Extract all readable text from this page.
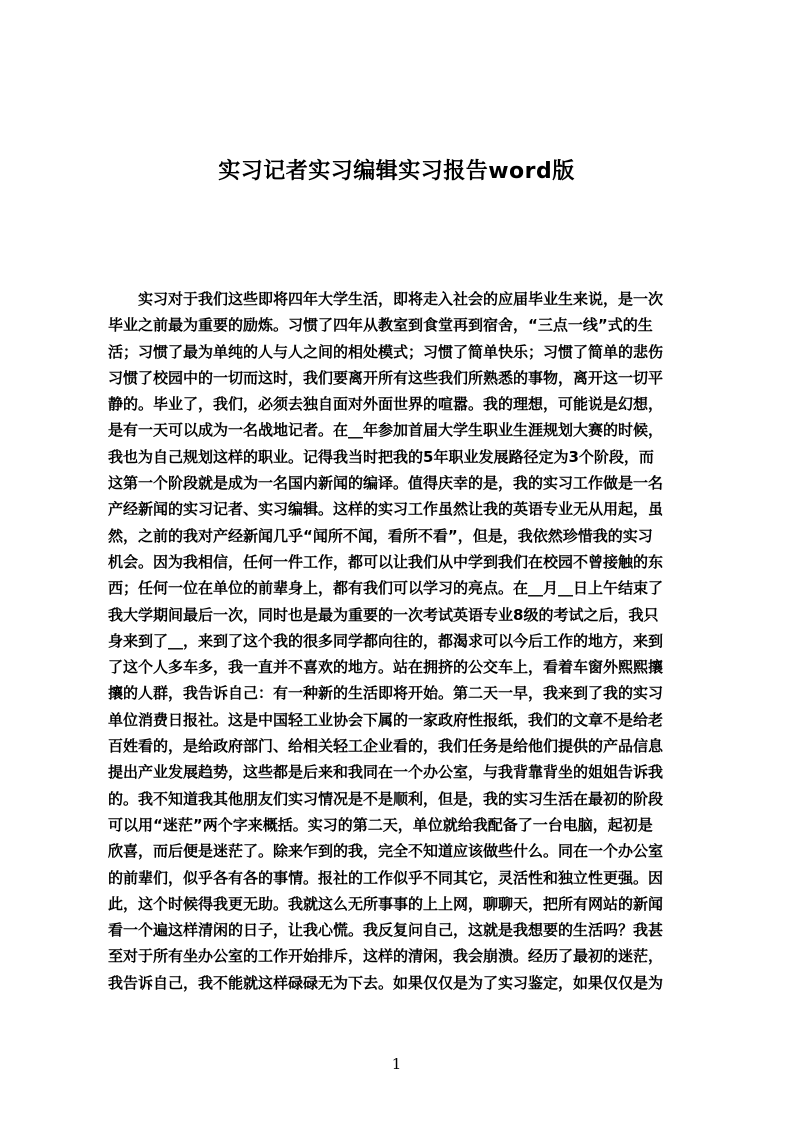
实习记者实习编辑实习报告word版

　　实习对于我们这些即将四年大学生活，即将走入社会的应届毕业生来说，是一次
毕业之前最为重要的励炼。习惯了四年从教室到食堂再到宿舍，“三点一线”式的生
活；习惯了最为单纯的人与人之间的相处模式；习惯了简单快乐；习惯了简单的悲伤
习惯了校园中的一切而这时，我们要离开所有这些我们所熟悉的事物，离开这一切平
静的。毕业了，我们，必须去独自面对外面世界的喧嚣。我的理想，可能说是幻想，
是有一天可以成为一名战地记者。在__年参加首届大学生职业生涯规划大赛的时候，
我也为自己规划这样的职业。记得我当时把我的5年职业发展路径定为3个阶段，而
这第一个阶段就是成为一名国内新闻的编译。值得庆幸的是，我的实习工作做是一名
产经新闻的实习记者、实习编辑。这样的实习工作虽然让我的英语专业无从用起，虽
然，之前的我对产经新闻几乎“闻所不闻，看所不看”，但是，我依然珍惜我的实习
机会。因为我相信，任何一件工作，都可以让我们从中学到我们在校园不曾接触的东
西；任何一位在单位的前辈身上，都有我们可以学习的亮点。在__月__日上午结束了
我大学期间最后一次，同时也是最为重要的一次考试英语专业8级的考试之后，我只
身来到了__，来到了这个我的很多同学都向往的，都渴求可以今后工作的地方，来到
了这个人多车多，我一直并不喜欢的地方。站在拥挤的公交车上，看着车窗外熙熙攘
攘的人群，我告诉自己：有一种新的生活即将开始。第二天一早，我来到了我的实习
单位消费日报社。这是中国轻工业协会下属的一家政府性报纸，我们的文章不是给老
百姓看的，是给政府部门、给相关轻工企业看的，我们任务是给他们提供的产品信息
提出产业发展趋势，这些都是后来和我同在一个办公室，与我背靠背坐的姐姐告诉我
的。我不知道我其他朋友们实习情况是不是顺利，但是，我的实习生活在最初的阶段
可以用“迷茫”两个字来概括。实习的第二天，单位就给我配备了一台电脑，起初是
欣喜，而后便是迷茫了。除来乍到的我，完全不知道应该做些什么。同在一个办公室
的前辈们，似乎各有各的事情。报社的工作似乎不同其它，灵活性和独立性更强。因
此，这个时候得我更无助。我就这么无所事事的上上网，聊聊天，把所有网站的新闻
看一个遍这样清闲的日子，让我心慌。我反复问自己，这就是我想要的生活吗？我甚
至对于所有坐办公室的工作开始排斥，这样的清闲，我会崩溃。经历了最初的迷茫，
我告诉自己，我不能就这样碌碌无为下去。如果仅仅是为了实习鉴定，如果仅仅是为

1
